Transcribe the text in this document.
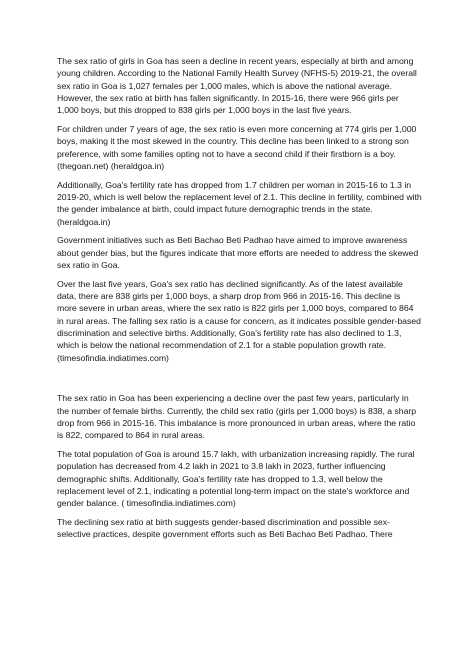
The sex ratio of girls in Goa has seen a decline in recent years, especially at birth and among young children. According to the National Family Health Survey (NFHS-5) 2019-21, the overall sex ratio in Goa is 1,027 females per 1,000 males, which is above the national average. However, the sex ratio at birth has fallen significantly. In 2015-16, there were 966 girls per 1,000 boys, but this dropped to 838 girls per 1,000 boys in the last five years.

For children under 7 years of age, the sex ratio is even more concerning at 774 girls per 1,000 boys, making it the most skewed in the country. This decline has been linked to a strong son preference, with some families opting not to have a second child if their firstborn is a boy. (thegoan.net) (heraldgoa.in)

Additionally, Goa's fertility rate has dropped from 1.7 children per woman in 2015-16 to 1.3 in 2019-20, which is well below the replacement level of 2.1. This decline in fertility, combined with the gender imbalance at birth, could impact future demographic trends in the state. (heraldgoa.in)

Government initiatives such as Beti Bachao Beti Padhao have aimed to improve awareness about gender bias, but the figures indicate that more efforts are needed to address the skewed sex ratio in Goa.

Over the last five years, Goa's sex ratio has declined significantly. As of the latest available data, there are 838 girls per 1,000 boys, a sharp drop from 966 in 2015-16. This decline is more severe in urban areas, where the sex ratio is 822 girls per 1,000 boys, compared to 864 in rural areas. The falling sex ratio is a cause for concern, as it indicates possible gender-based discrimination and selective births. Additionally, Goa's fertility rate has also declined to 1.3, which is below the national recommendation of 2.1 for a stable population growth rate. (timesofindia.indiatimes.com)

The sex ratio in Goa has been experiencing a decline over the past few years, particularly in the number of female births. Currently, the child sex ratio (girls per 1,000 boys) is 838, a sharp drop from 966 in 2015-16. This imbalance is more pronounced in urban areas, where the ratio is 822, compared to 864 in rural areas.

The total population of Goa is around 15.7 lakh, with urbanization increasing rapidly. The rural population has decreased from 4.2 lakh in 2021 to 3.8 lakh in 2023, further influencing demographic shifts. Additionally, Goa's fertility rate has dropped to 1.3, well below the replacement level of 2.1, indicating a potential long-term impact on the state's workforce and gender balance. ( timesofindia.indiatimes.com)

The declining sex ratio at birth suggests gender-based discrimination and possible sex-selective practices, despite government efforts such as Beti Bachao Beti Padhao. There
